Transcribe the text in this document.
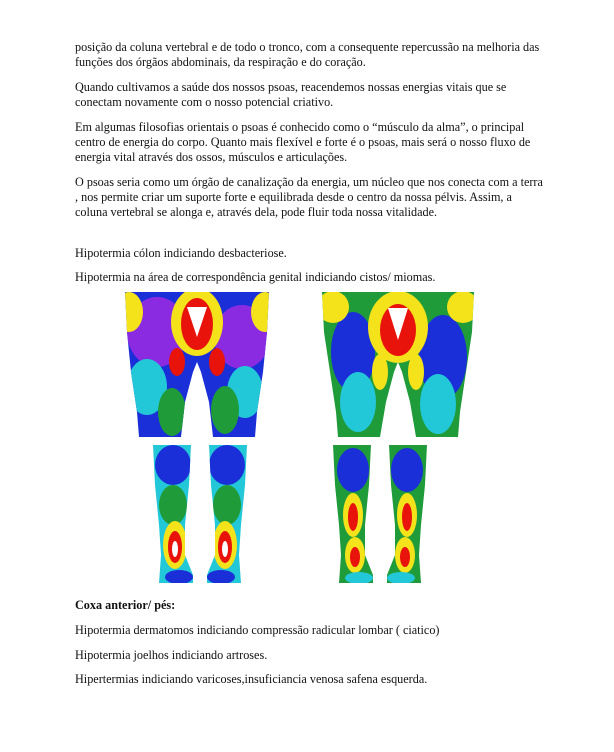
posição da coluna vertebral e de todo o tronco, com a consequente repercussão na melhoria das funções dos órgãos abdominais, da respiração e do coração.

Quando cultivamos a saúde dos nossos psoas, reacendemos nossas energias vitais que se conectam novamente com o nosso potencial criativo.

Em algumas filosofias orientais o psoas é conhecido como o “músculo da alma”, o principal centro de energia do corpo. Quanto mais flexível e forte é o psoas, mais será o nosso fluxo de energia vital através dos ossos, músculos e articulações.

O psoas seria como um órgão de canalização da energia, um núcleo que nos conecta com a terra , nos permite criar um suporte forte e equilibrada desde o centro da nossa pélvis. Assim, a coluna vertebral se alonga e, através dela, pode fluir toda nossa vitalidade.

Hipotermia cólon indiciando desbacteriose.

Hipotermia na área de correspondência genital indiciando cistos/ miomas.

Coxa anterior/ pés:

Hipotermia dermatomos indiciando compressão radicular lombar ( ciatico)

Hipotermia joelhos indiciando artroses.

Hipertermias indiciando varicoses,insuficiancia venosa safena esquerda.
